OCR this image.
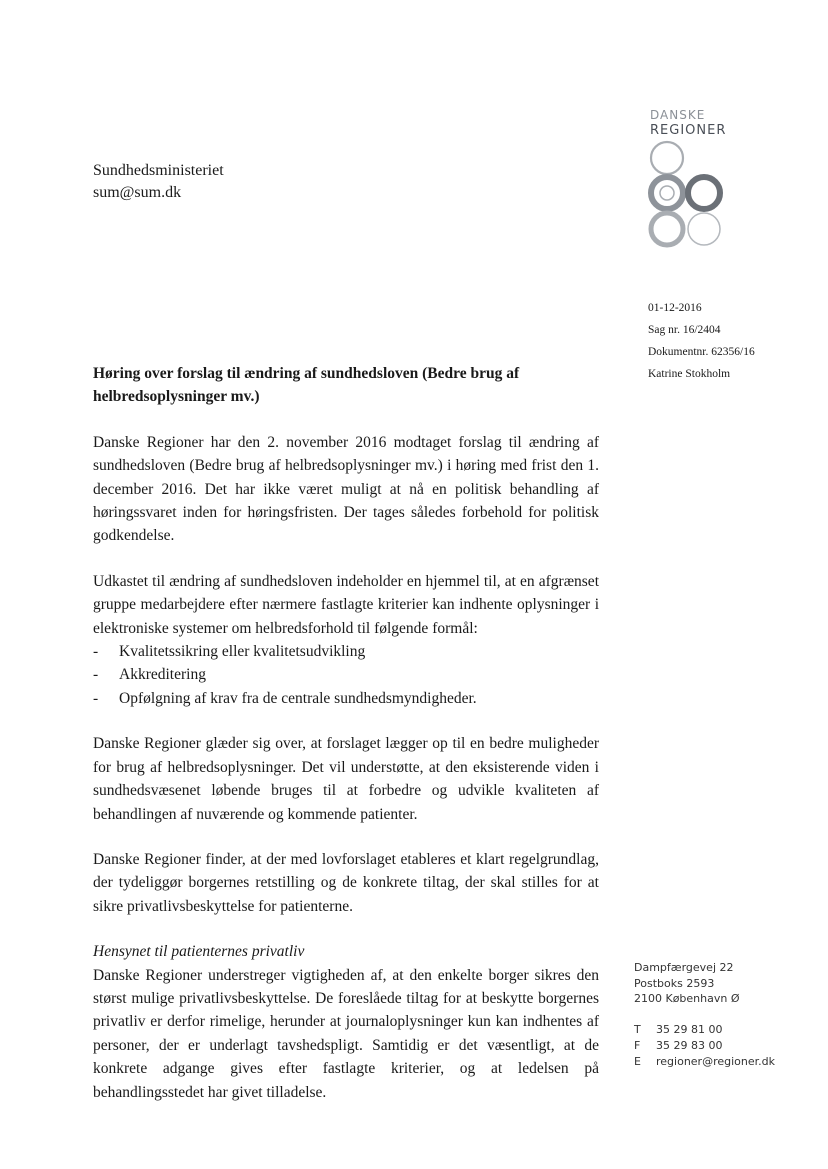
DANSKE
REGIONER
Sundhedsministeriet
sum@sum.dk
01-12-2016
Sag nr. 16/2404
Dokumentnr. 62356/16
Katrine Stokholm
Høring over forslag til ændring af sundhedsloven (Bedre brug af helbredsoplysninger mv.)
Danske Regioner har den 2. november 2016 modtaget forslag til ændring af sundhedsloven (Bedre brug af helbredsoplysninger mv.) i høring med frist den 1. december 2016. Det har ikke været muligt at nå en politisk behandling af høringssvaret inden for høringsfristen. Der tages således forbehold for politisk godkendelse.
Udkastet til ændring af sundhedsloven indeholder en hjemmel til, at en afgrænset gruppe medarbejdere efter nærmere fastlagte kriterier kan indhente oplysninger i elektroniske systemer om helbredsforhold til følgende formål:
- Kvalitetssikring eller kvalitetsudvikling
- Akkreditering
- Opfølgning af krav fra de centrale sundhedsmyndigheder.
Danske Regioner glæder sig over, at forslaget lægger op til en bedre muligheder for brug af helbredsoplysninger. Det vil understøtte, at den eksisterende viden i sundhedsvæsenet løbende bruges til at forbedre og udvikle kvaliteten af behandlingen af nuværende og kommende patienter.
Danske Regioner finder, at der med lovforslaget etableres et klart regelgrundlag, der tydeliggør borgernes retstilling og de konkrete tiltag, der skal stilles for at sikre privatlivsbeskyttelse for patienterne.
Hensynet til patienternes privatliv
Danske Regioner understreger vigtigheden af, at den enkelte borger sikres den størst mulige privatlivsbeskyttelse. De foreslåede tiltag for at beskytte borgernes privatliv er derfor rimelige, herunder at journaloplysninger kun kan indhentes af personer, der er underlagt tavshedspligt. Samtidig er det væsentligt, at de konkrete adgange gives efter fastlagte kriterier, og at ledelsen på behandlingsstedet har givet tilladelse.
Dampfærgevej 22
Postboks 2593
2100 København Ø
T 35 29 81 00
F 35 29 83 00
E regioner@regioner.dk
